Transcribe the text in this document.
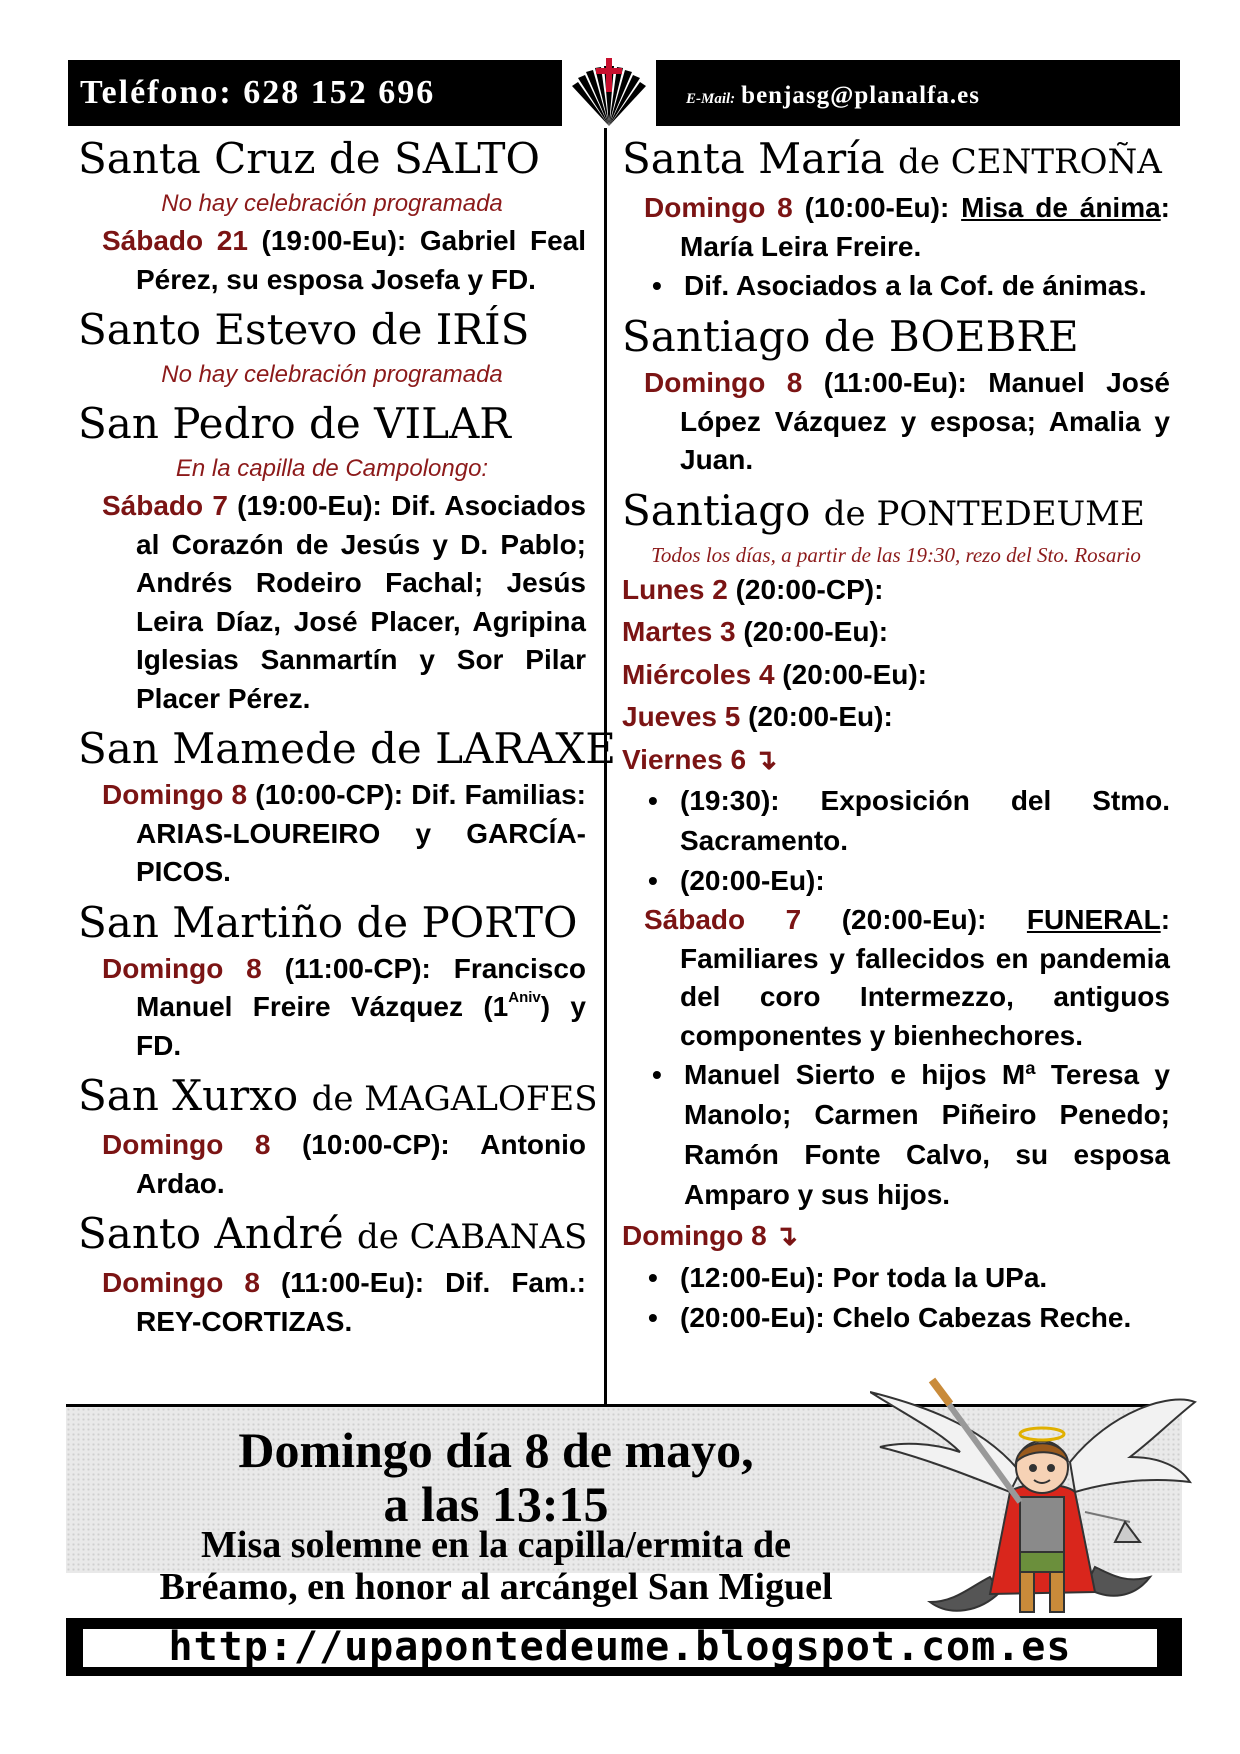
Teléfono: 628 152 696	E-Mail: benjasg@planalfa.es
Santa Cruz de SALTO
No hay celebración programada
Sábado 21 (19:00-Eu): Gabriel Feal Pérez, su esposa Josefa y FD.
Santo Estevo de IRÍS
No hay celebración programada
San Pedro de VILAR
En la capilla de Campolongo:
Sábado 7 (19:00-Eu): Dif. Asociados al Corazón de Jesús y D. Pablo; Andrés Rodeiro Fachal; Jesús Leira Díaz, José Placer, Agripina Iglesias Sanmartín y Sor Pilar Placer Pérez.
San Mamede de LARAXE
Domingo 8 (10:00-CP): Dif. Familias: ARIAS-LOUREIRO y GARCÍA-PICOS.
San Martiño de PORTO
Domingo 8 (11:00-CP): Francisco Manuel Freire Vázquez $(1^{Aniv})$ y FD.
San Xurxo de MAGALOFES
Domingo 8 (10:00-CP): Antonio Ardao.
Santo André de CABANAS
Domingo 8 (11:00-Eu): Dif. Fam.: REY-CORTIZAS.
Santa María de CENTROÑA
Domingo 8 (10:00-Eu): Misa de ánima: María Leira Freire.
• Dif. Asociados a la Cof. de ánimas.
Santiago de BOEBRE
Domingo 8 (11:00-Eu): Manuel José López Vázquez y esposa; Amalia y Juan.
Santiago de PONTEDEUME
Todos los días, a partir de las 19:30, rezo del Sto. Rosario
Lunes 2 (20:00-CP):
Martes 3 (20:00-Eu):
Miércoles 4 (20:00-Eu):
Jueves 5 (20:00-Eu):
Viernes 6 ↴
• (19:30): Exposición del Stmo. Sacramento.
• (20:00-Eu):
Sábado 7 (20:00-Eu): FUNERAL: Familiares y fallecidos en pandemia del coro Intermezzo, antiguos componentes y bienhechores.
• Manuel Sierto e hijos Mª Teresa y Manolo; Carmen Piñeiro Penedo; Ramón Fonte Calvo, su esposa Amparo y sus hijos.
Domingo 8 ↴
• (12:00-Eu): Por toda la UPa.
• (20:00-Eu): Chelo Cabezas Reche.
Domingo día 8 de mayo,
a las 13:15
Misa solemne en la capilla/ermita de
Bréamo, en honor al arcángel San Miguel
http://upapontedeume.blogspot.com.es
